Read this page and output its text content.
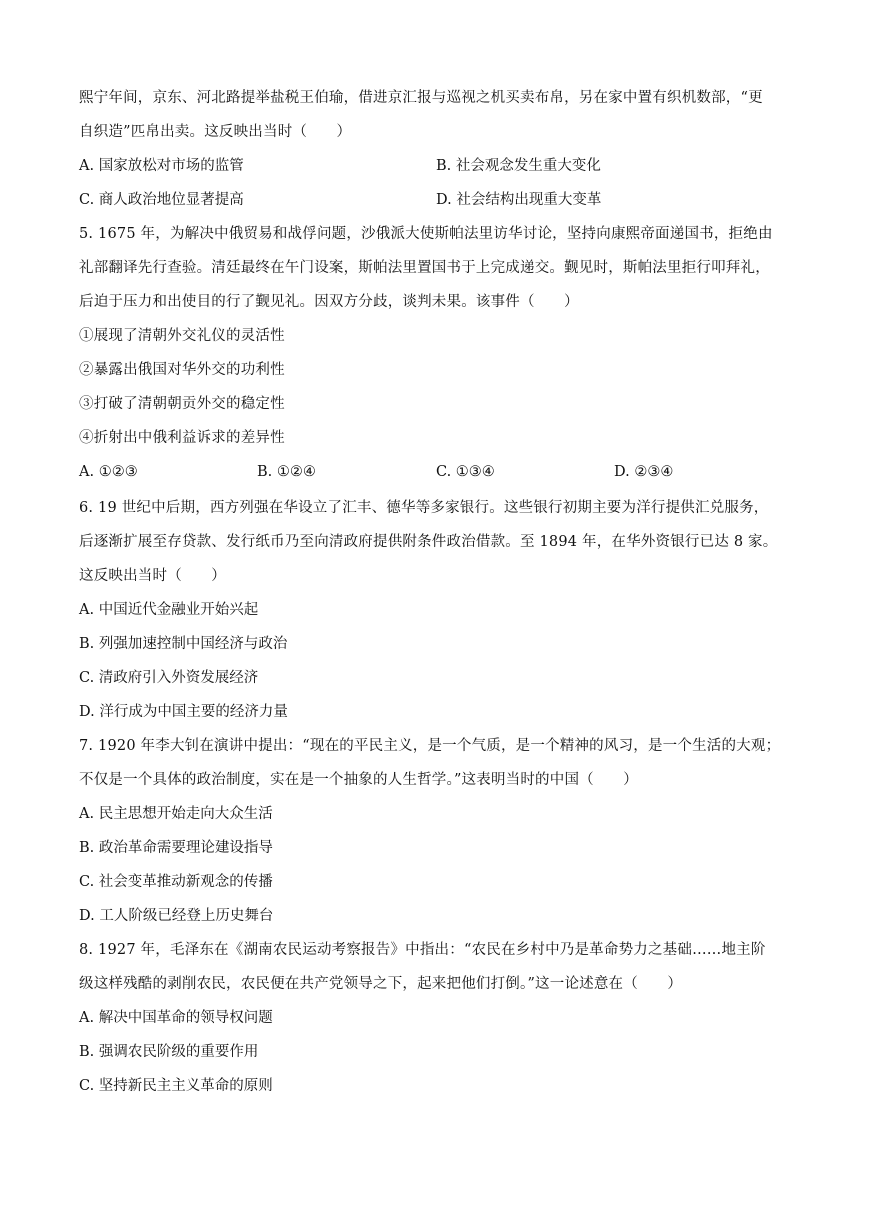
熙宁年间，京东、河北路提举盐税王伯瑜，借进京汇报与巡视之机买卖布帛，另在家中置有织机数部，“更
自织造”匹帛出卖。这反映出当时（　　）
A. 国家放松对市场的监管	B. 社会观念发生重大变化
C. 商人政治地位显著提高	D. 社会结构出现重大变革
5. 1675 年，为解决中俄贸易和战俘问题，沙俄派大使斯帕法里访华讨论，坚持向康熙帝面递国书，拒绝由
礼部翻译先行查验。清廷最终在午门设案，斯帕法里置国书于上完成递交。觐见时，斯帕法里拒行叩拜礼，
后迫于压力和出使目的行了觐见礼。因双方分歧，谈判未果。该事件（　　）
①展现了清朝外交礼仪的灵活性
②暴露出俄国对华外交的功利性
③打破了清朝朝贡外交的稳定性
④折射出中俄利益诉求的差异性
A. ①②③	B. ①②④	C. ①③④	D. ②③④
6. 19 世纪中后期，西方列强在华设立了汇丰、德华等多家银行。这些银行初期主要为洋行提供汇兑服务，
后逐渐扩展至存贷款、发行纸币乃至向清政府提供附条件政治借款。至 1894 年，在华外资银行已达 8 家。
这反映出当时（　　）
A. 中国近代金融业开始兴起
B. 列强加速控制中国经济与政治
C. 清政府引入外资发展经济
D. 洋行成为中国主要的经济力量
7. 1920 年李大钊在演讲中提出：“现在的平民主义，是一个气质，是一个精神的风习，是一个生活的大观；
不仅是一个具体的政治制度，实在是一个抽象的人生哲学。”这表明当时的中国（　　）
A. 民主思想开始走向大众生活
B. 政治革命需要理论建设指导
C. 社会变革推动新观念的传播
D. 工人阶级已经登上历史舞台
8. 1927 年，毛泽东在《湖南农民运动考察报告》中指出：“农民在乡村中乃是革命势力之基础……地主阶
级这样残酷的剥削农民，农民便在共产党领导之下，起来把他们打倒。”这一论述意在（　　）
A. 解决中国革命的领导权问题
B. 强调农民阶级的重要作用
C. 坚持新民主主义革命的原则
